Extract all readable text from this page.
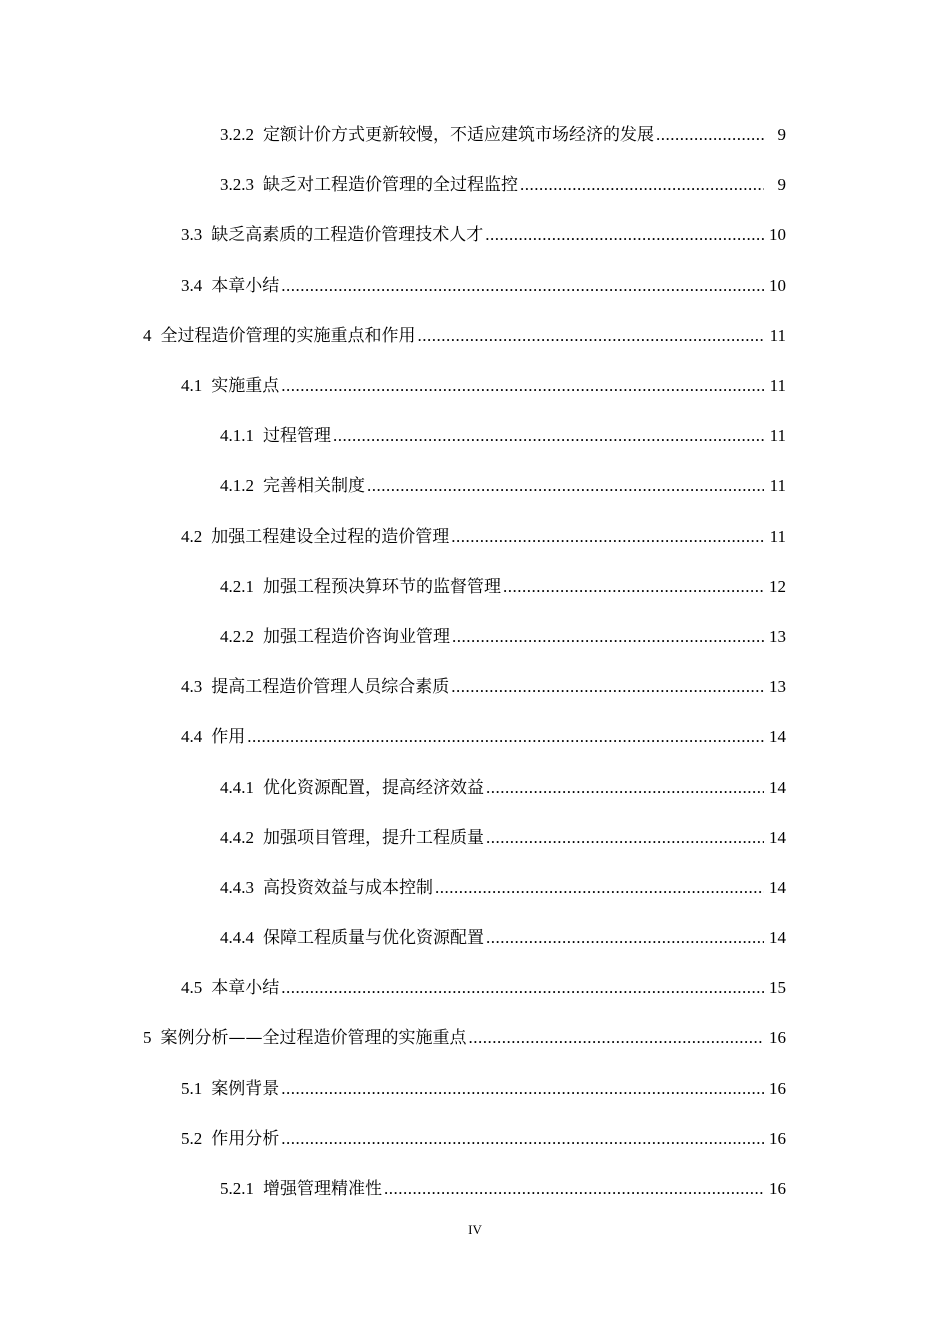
3.2.2 定额计价方式更新较慢，不适应建筑市场经济的发展 .....	9
3.2.3 缺乏对工程造价管理的全过程监控 .....	9
3.3 缺乏高素质的工程造价管理技术人才 .....	10
3.4 本章小结 .....	10
4 全过程造价管理的实施重点和作用 .....	11
4.1 实施重点 .....	11
4.1.1 过程管理 .....	11
4.1.2 完善相关制度 .....	11
4.2 加强工程建设全过程的造价管理 .....	11
4.2.1 加强工程预决算环节的监督管理 .....	12
4.2.2 加强工程造价咨询业管理 .....	13
4.3 提高工程造价管理人员综合素质 .....	13
4.4 作用 .....	14
4.4.1 优化资源配置，提高经济效益 .....	14
4.4.2 加强项目管理，提升工程质量 .....	14
4.4.3 高投资效益与成本控制 .....	14
4.4.4 保障工程质量与优化资源配置 .....	14
4.5 本章小结 .....	15
5 案例分析——全过程造价管理的实施重点 .....	16
5.1 案例背景 .....	16
5.2 作用分析 .....	16
5.2.1 增强管理精准性 .....	16
IV
